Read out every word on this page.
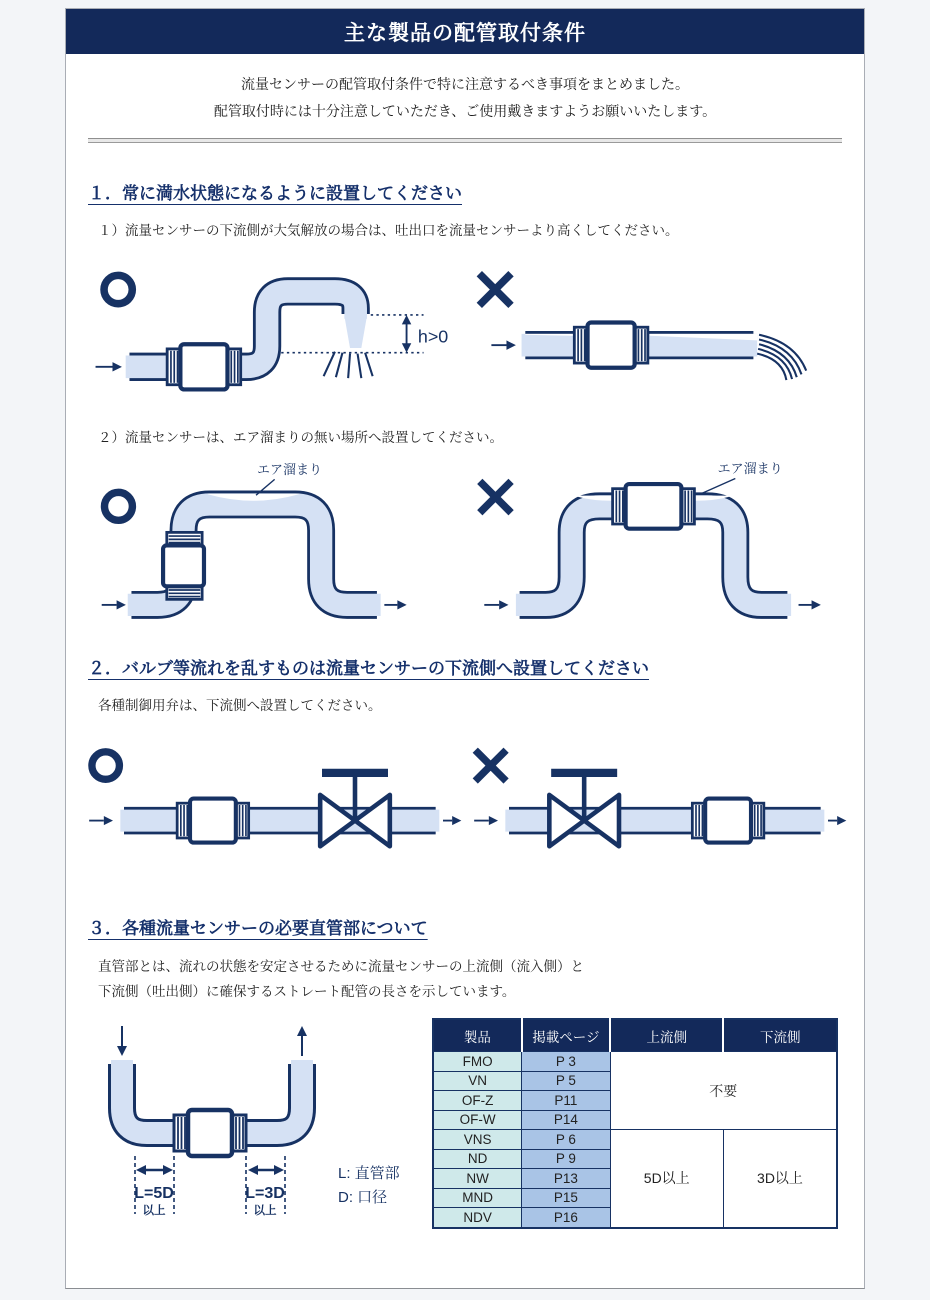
主な製品の配管取付条件
流量センサーの配管取付条件で特に注意するべき事項をまとめました。
配管取付時には十分注意していただき、ご使用戴きますようお願いいたします。
１．常に満水状態になるように設置してください
１）流量センサーの下流側が大気解放の場合は、吐出口を流量センサーより高くしてください。
h>0
２）流量センサーは、エア溜まりの無い場所へ設置してください。
エア溜まり	エア溜まり
２．バルブ等流れを乱すものは流量センサーの下流側へ設置してください
各種制御用弁は、下流側へ設置してください。
３．各種流量センサーの必要直管部について
直管部とは、流れの状態を安定させるために流量センサーの上流側（流入側）と
下流側（吐出側）に確保するストレート配管の長さを示しています。
L=5D
以上
L=3D
以上
L: 直管部
D: 口径
製品	掲載ページ	上流側	下流側
FMO	P 3	不要	
VN	P 5		
OF-Z	P11		
OF-W	P14		
VNS	P 6	5D以上	3D以上
ND	P 9		
NW	P13		
MND	P15		
NDV	P16		
